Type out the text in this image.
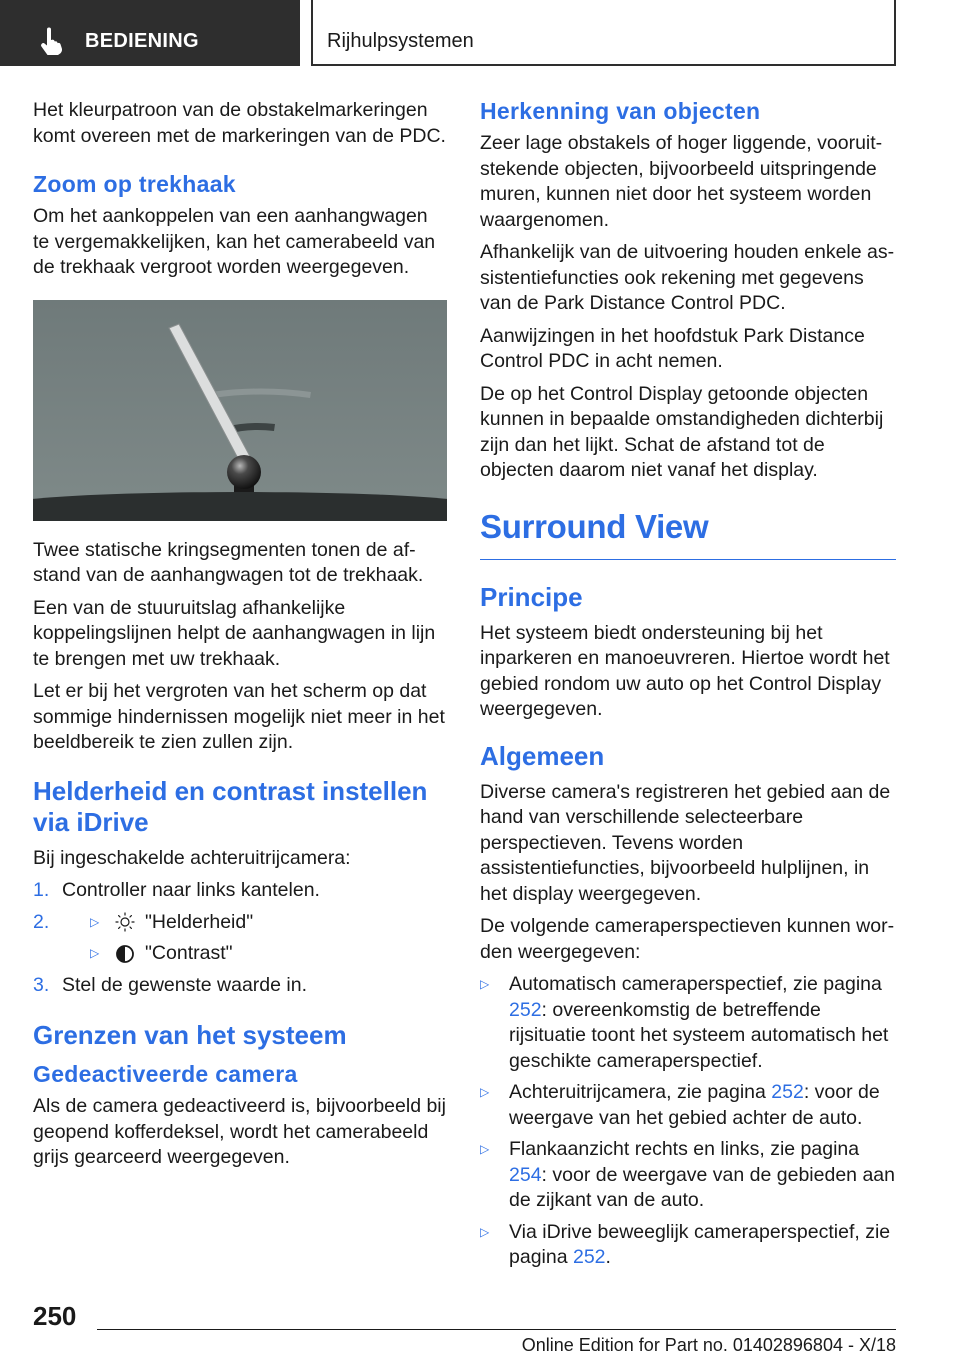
BEDIENING	Rijhulpsystemen

Het kleurpatroon van de obstakelmarkeringen komt overeen met de markeringen van de PDC.

Zoom op trekhaak

Om het aankoppelen van een aanhangwagen te vergemakkelijken, kan het camerabeeld van de trekhaak vergroot worden weergegeven.

Twee statische kringsegmenten tonen de afstand van de aanhangwagen tot de trekhaak.

Een van de stuuruitslag afhankelijke koppelingslijnen helpt de aanhangwagen in lijn te brengen met uw trekhaak.

Let er bij het vergroten van het scherm op dat sommige hindernissen mogelijk niet meer in het beeldbereik te zien zullen zijn.

Helderheid en contrast instellen via iDrive

Bij ingeschakelde achteruitrijcamera:

1. Controller naar links kantelen.
2.	▷	"Helderheid"
▷	"Contrast"
3. Stel de gewenste waarde in.
Grenzen van het systeem
Gedeactiveerde camera

Als de camera gedeactiveerd is, bijvoorbeeld bij geopend kofferdeksel, wordt het camerabeeld grijs gearceerd weergegeven.

Herkenning van objecten

Zeer lage obstakels of hoger liggende, vooruitstekende objecten, bijvoorbeeld uitspringende muren, kunnen niet door het systeem worden waargenomen.

Afhankelijk van de uitvoering houden enkele assistentiefuncties ook rekening met gegevens van de Park Distance Control PDC.

Aanwijzingen in het hoofdstuk Park Distance Control PDC in acht nemen.

De op het Control Display getoonde objecten kunnen in bepaalde omstandigheden dichterbij zijn dan het lijkt. Schat de afstand tot de objecten daarom niet vanaf het display.

Surround View
Principe

Het systeem biedt ondersteuning bij het inparkeren en manoeuvreren. Hiertoe wordt het gebied rondom uw auto op het Control Display weergegeven.

Algemeen

Diverse camera's registreren het gebied aan de hand van verschillende selecteerbare perspectieven. Tevens worden assistentiefuncties, bijvoorbeeld hulplijnen, in het display weergegeven.

De volgende cameraperspectieven kunnen worden weergegeven:

▷	Automatisch cameraperspectief, zie pagina 252: overeenkomstig de betreffende rijsituatie toont het systeem automatisch het geschikte cameraperspectief.
▷	Achteruitrijcamera, zie pagina 252: voor de weergave van het gebied achter de auto.
▷	Flankaanzicht rechts en links, zie pagina 254: voor de weergave van de gebieden aan de zijkant van de auto.
▷	Via iDrive beweeglijk cameraperspectief, zie pagina 252.
250
Online Edition for Part no. 01402896804 - X/18
